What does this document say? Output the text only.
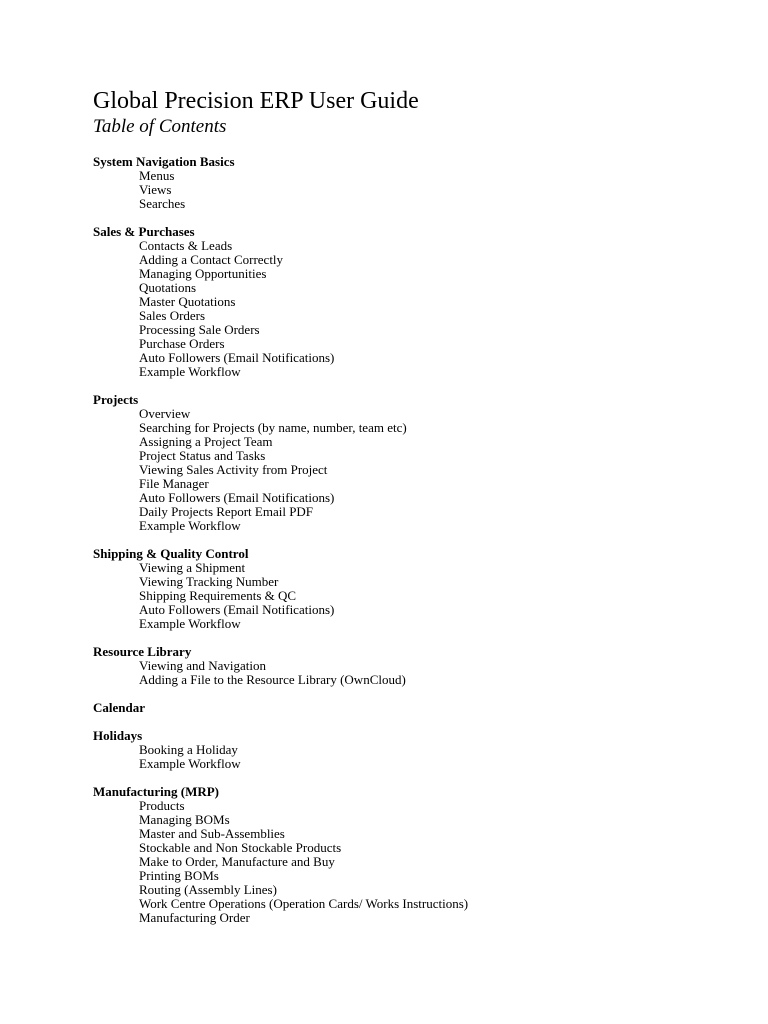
Global Precision ERP User Guide
Table of Contents
System Navigation Basics
Menus
Views
Searches
Sales & Purchases
Contacts & Leads
Adding a Contact Correctly
Managing Opportunities
Quotations
Master Quotations
Sales Orders
Processing Sale Orders
Purchase Orders
Auto Followers (Email Notifications)
Example Workflow
Projects
Overview
Searching for Projects (by name, number, team etc)
Assigning a Project Team
Project Status and Tasks
Viewing Sales Activity from Project
File Manager
Auto Followers (Email Notifications)
Daily Projects Report Email PDF
Example Workflow
Shipping & Quality Control
Viewing a Shipment
Viewing Tracking Number
Shipping Requirements & QC
Auto Followers (Email Notifications)
Example Workflow
Resource Library
Viewing and Navigation
Adding a File to the Resource Library (OwnCloud)
Calendar
Holidays
Booking a Holiday
Example Workflow
Manufacturing (MRP)
Products
Managing BOMs
Master and Sub-Assemblies
Stockable and Non Stockable Products
Make to Order, Manufacture and Buy
Printing BOMs
Routing (Assembly Lines)
Work Centre Operations (Operation Cards/ Works Instructions)
Manufacturing Order
